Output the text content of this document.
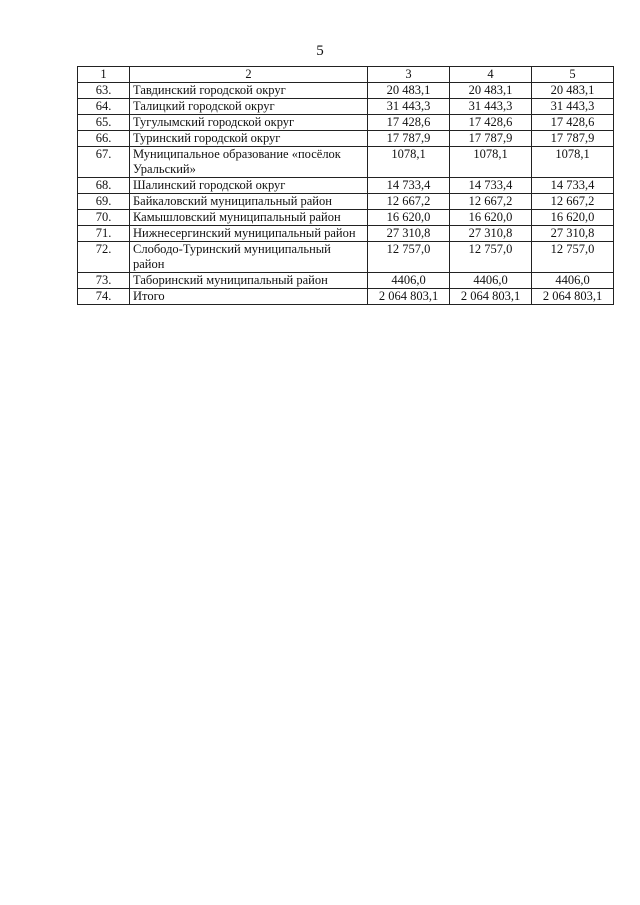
5
1	2	3	4	5
63.	Тавдинский городской округ	20 483,1	20 483,1	20 483,1
64.	Талицкий городской округ	31 443,3	31 443,3	31 443,3
65.	Тугулымский городской округ	17 428,6	17 428,6	17 428,6
66.	Туринский городской округ	17 787,9	17 787,9	17 787,9
67.	Муниципальное образование «посёлок Уральский»	1078,1	1078,1	1078,1
68.	Шалинский городской округ	14 733,4	14 733,4	14 733,4
69.	Байкаловский муниципальный район	12 667,2	12 667,2	12 667,2
70.	Камышловский муниципальный район	16 620,0	16 620,0	16 620,0
71.	Нижнесергинский муниципальный район	27 310,8	27 310,8	27 310,8
72.	Слободо-Туринский муниципальный район	12 757,0	12 757,0	12 757,0
73.	Таборинский муниципальный район	4406,0	4406,0	4406,0
74.	Итого	2 064 803,1	2 064 803,1	2 064 803,1
